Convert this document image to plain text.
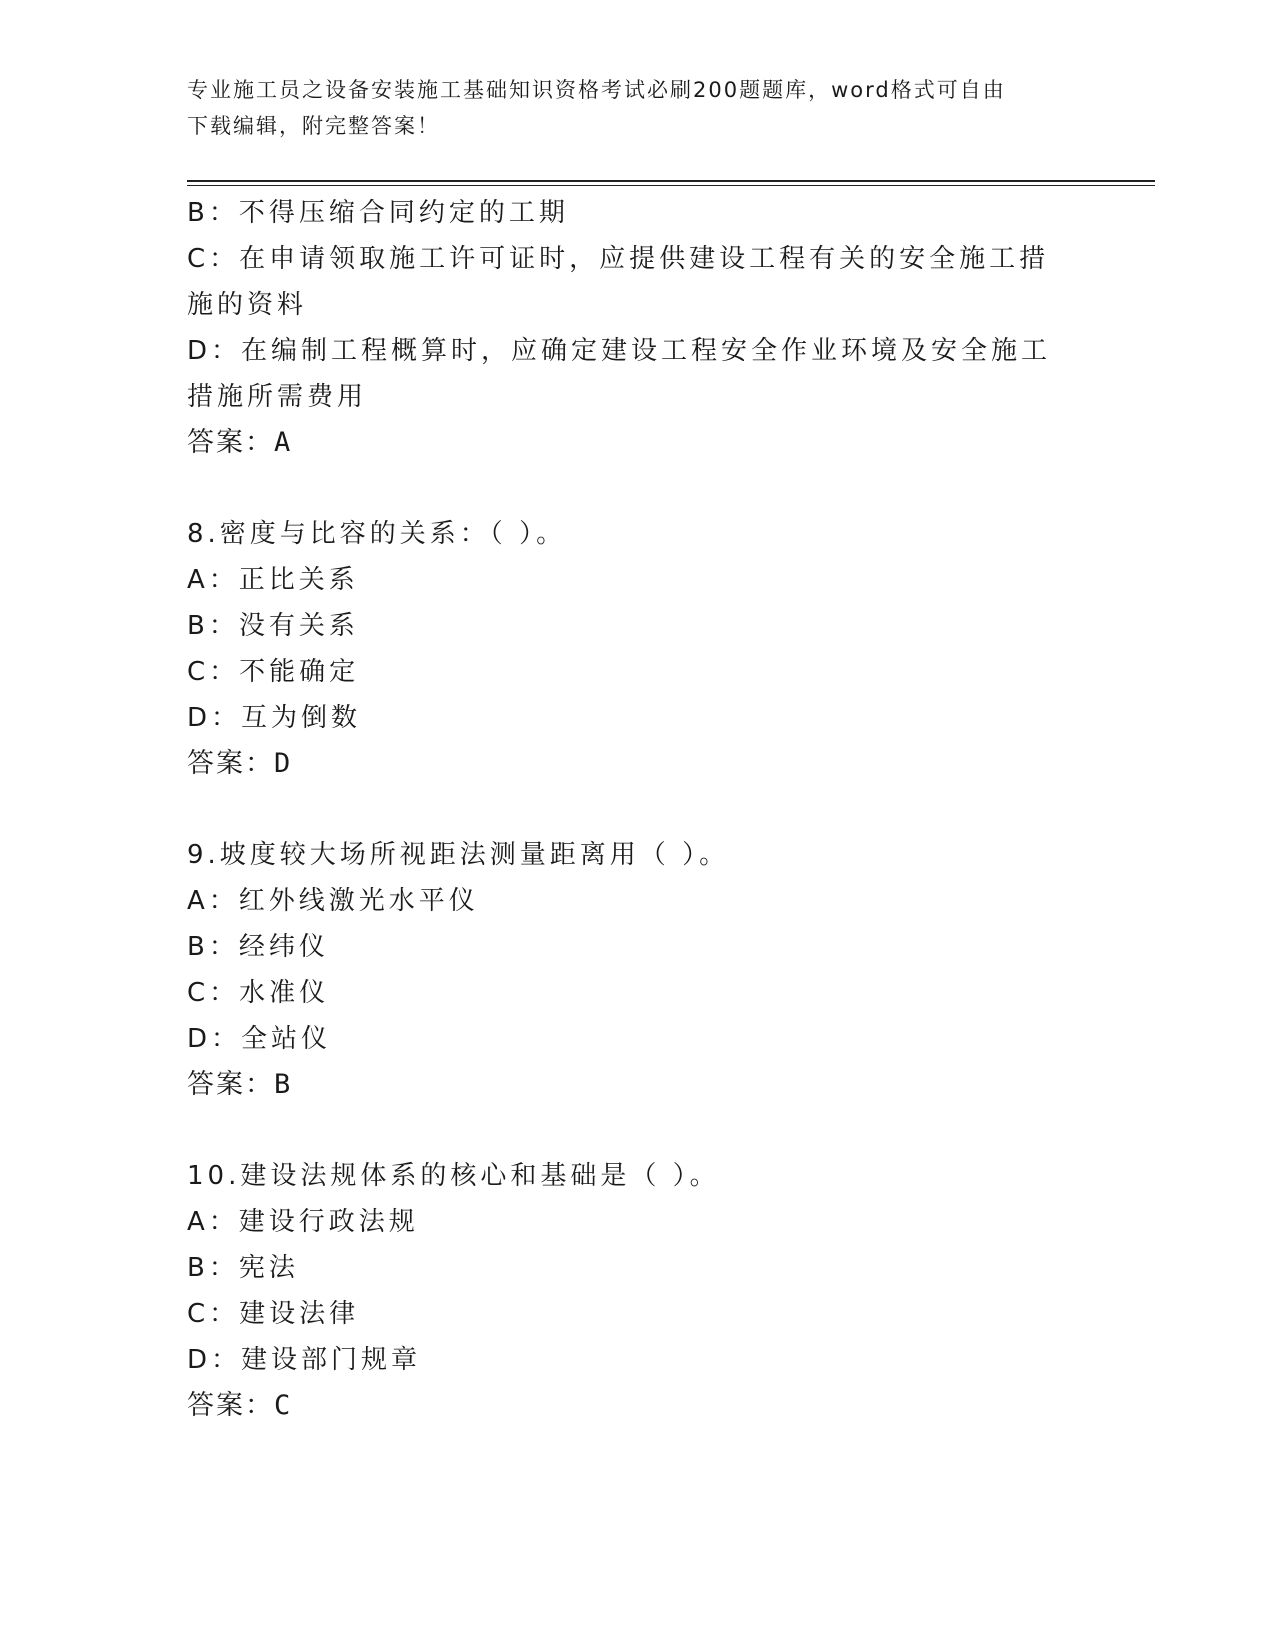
专业施工员之设备安装施工基础知识资格考试必刷200题题库，word格式可自由
下载编辑，附完整答案！
B：不得压缩合同约定的工期
C：在申请领取施工许可证时，应提供建设工程有关的安全施工措施的资料
D：在编制工程概算时，应确定建设工程安全作业环境及安全施工措施所需费用
答案：A
8.密度与比容的关系：（ ）。
A：正比关系
B：没有关系
C：不能确定
D：互为倒数
答案：D
9.坡度较大场所视距法测量距离用（ ）。
A：红外线激光水平仪
B：经纬仪
C：水准仪
D：全站仪
答案：B
10.建设法规体系的核心和基础是（ ）。
A：建设行政法规
B：宪法
C：建设法律
D：建设部门规章
答案：C
